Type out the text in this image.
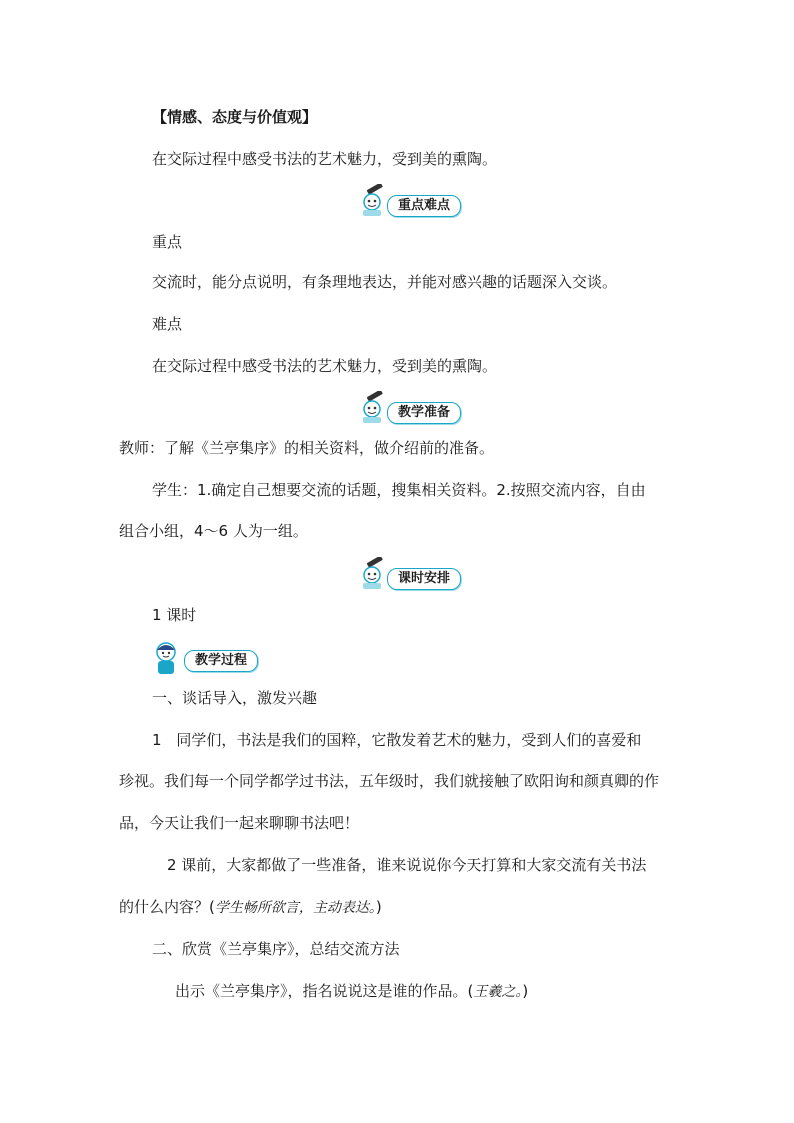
【情感、态度与价值观】
在交际过程中感受书法的艺术魅力，受到美的熏陶。
重点难点
重点
交流时，能分点说明，有条理地表达，并能对感兴趣的话题深入交谈。
难点
在交际过程中感受书法的艺术魅力，受到美的熏陶。
教学准备
教师：了解《兰亭集序》的相关资料，做介绍前的准备。
学生：1.确定自己想要交流的话题，搜集相关资料。2.按照交流内容，自由
组合小组，4～6 人为一组。
课时安排
1 课时
教学过程
一、谈话导入，激发兴趣
1 同学们，书法是我们的国粹，它散发着艺术的魅力，受到人们的喜爱和
珍视。我们每一个同学都学过书法，五年级时，我们就接触了欧阳询和颜真卿的作
品，今天让我们一起来聊聊书法吧！
2 课前，大家都做了一些准备，谁来说说你今天打算和大家交流有关书法
的什么内容？(学生畅所欲言，主动表达。)
二、欣赏《兰亭集序》，总结交流方法
出示《兰亭集序》，指名说说这是谁的作品。(王羲之。)
